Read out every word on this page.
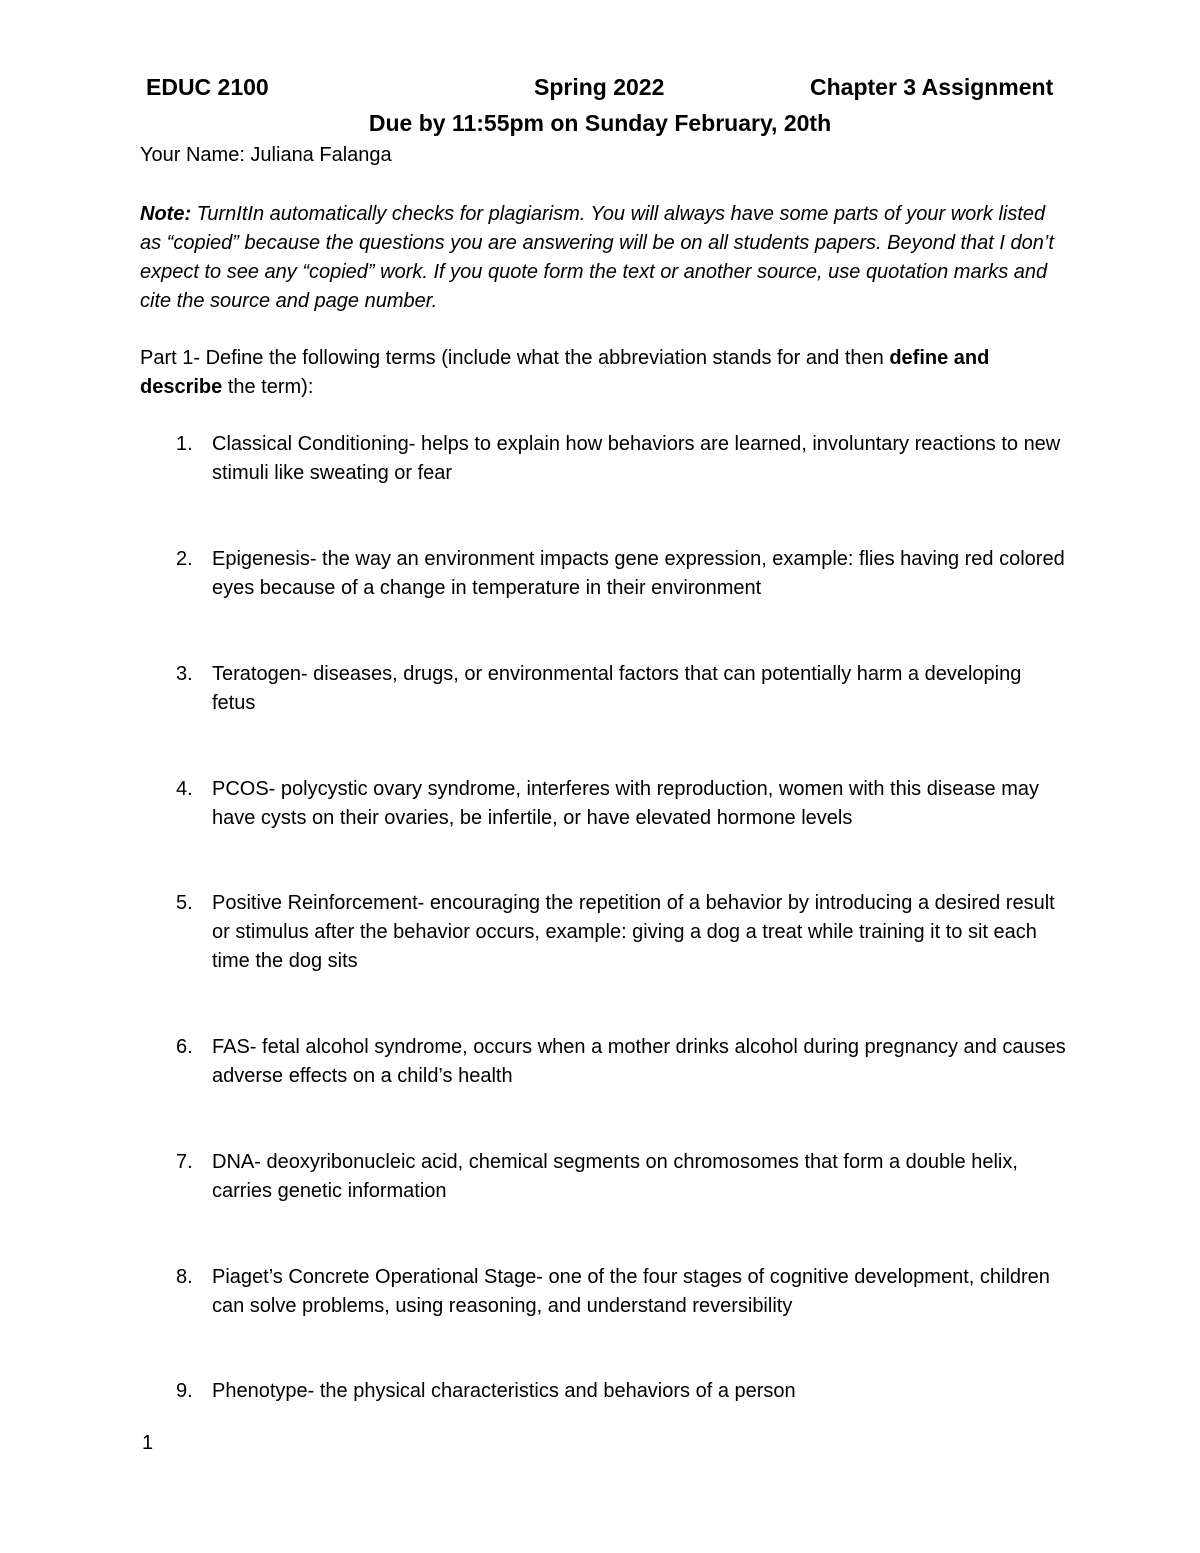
EDUC 2100	Spring 2022	Chapter 3 Assignment
Due by 11:55pm on Sunday February, 20th
Your Name: Juliana Falanga
Note: TurnItIn automatically checks for plagiarism. You will always have some parts of your work listed as “copied” because the questions you are answering will be on all students papers. Beyond that I don’t expect to see any “copied” work. If you quote form the text or another source, use quotation marks and cite the source and page number.
Part 1- Define the following terms (include what the abbreviation stands for and then define and describe the term):
1. Classical Conditioning- helps to explain how behaviors are learned, involuntary reactions to new stimuli like sweating or fear
2. Epigenesis- the way an environment impacts gene expression, example: flies having red colored eyes because of a change in temperature in their environment
3. Teratogen- diseases, drugs, or environmental factors that can potentially harm a developing fetus
4. PCOS- polycystic ovary syndrome, interferes with reproduction, women with this disease may have cysts on their ovaries, be infertile, or have elevated hormone levels
5. Positive Reinforcement- encouraging the repetition of a behavior by introducing a desired result or stimulus after the behavior occurs, example: giving a dog a treat while training it to sit each time the dog sits
6. FAS- fetal alcohol syndrome, occurs when a mother drinks alcohol during pregnancy and causes adverse effects on a child’s health
7. DNA- deoxyribonucleic acid, chemical segments on chromosomes that form a double helix, carries genetic information
8. Piaget’s Concrete Operational Stage- one of the four stages of cognitive development, children can solve problems, using reasoning, and understand reversibility
9. Phenotype- the physical characteristics and behaviors of a person
1
